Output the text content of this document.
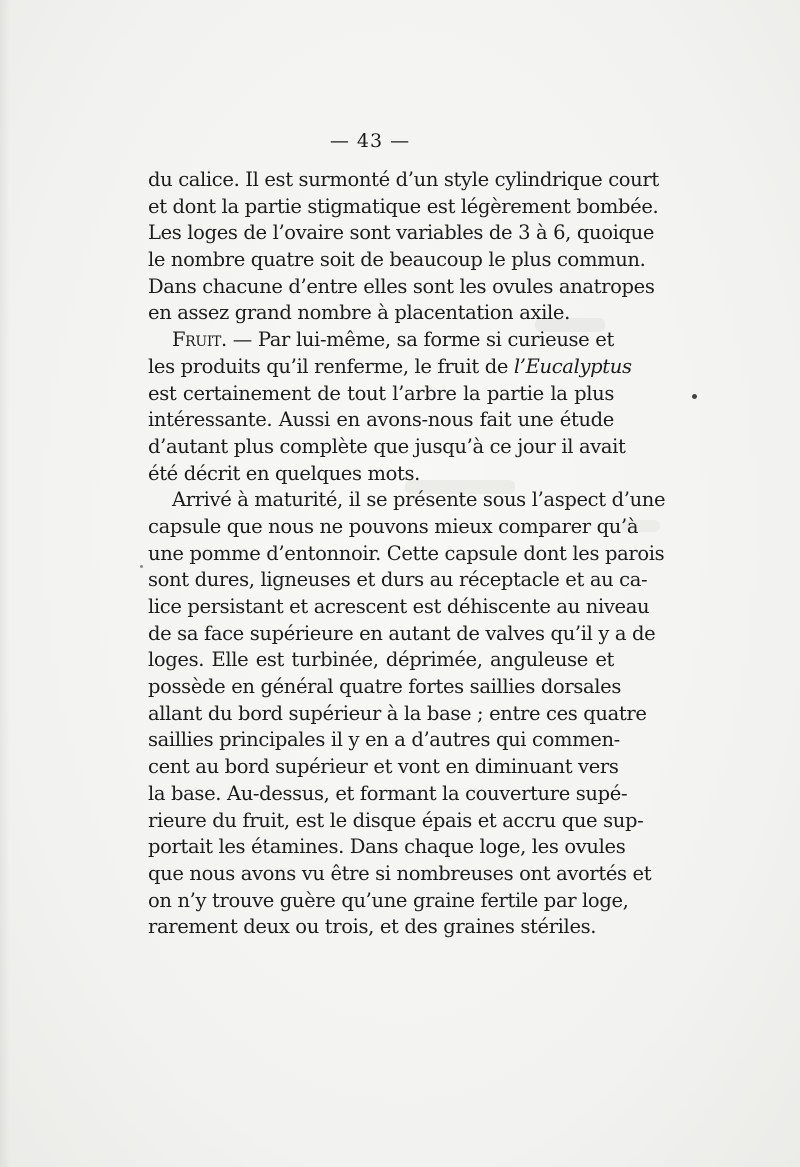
— 43 —
du calice. Il est surmonté d’un style cylindrique court
et dont la partie stigmatique est légèrement bombée.
Les loges de l’ovaire sont variables de 3 à 6, quoique
le nombre quatre soit de beaucoup le plus commun.
Dans chacune d’entre elles sont les ovules anatropes
en assez grand nombre à placentation axile.
Fruit. — Par lui-même, sa forme si curieuse et
les produits qu’il renferme, le fruit de l’Eucalyptus
est certainement de tout l’arbre la partie la plus
intéressante. Aussi en avons-nous fait une étude
d’autant plus complète que jusqu’à ce jour il avait
été décrit en quelques mots.
Arrivé à maturité, il se présente sous l’aspect d’une
capsule que nous ne pouvons mieux comparer qu’à
une pomme d’entonnoir. Cette capsule dont les parois
sont dures, ligneuses et durs au réceptacle et au ca-
lice persistant et acrescent est déhiscente au niveau
de sa face supérieure en autant de valves qu’il y a de
loges. Elle est turbinée, déprimée, anguleuse et
possède en général quatre fortes saillies dorsales
allant du bord supérieur à la base ; entre ces quatre
saillies principales il y en a d’autres qui commen-
cent au bord supérieur et vont en diminuant vers
la base. Au-dessus, et formant la couverture supé-
rieure du fruit, est le disque épais et accru que sup-
portait les étamines. Dans chaque loge, les ovules
que nous avons vu être si nombreuses ont avortés et
on n’y trouve guère qu’une graine fertile par loge,
rarement deux ou trois, et des graines stériles.
